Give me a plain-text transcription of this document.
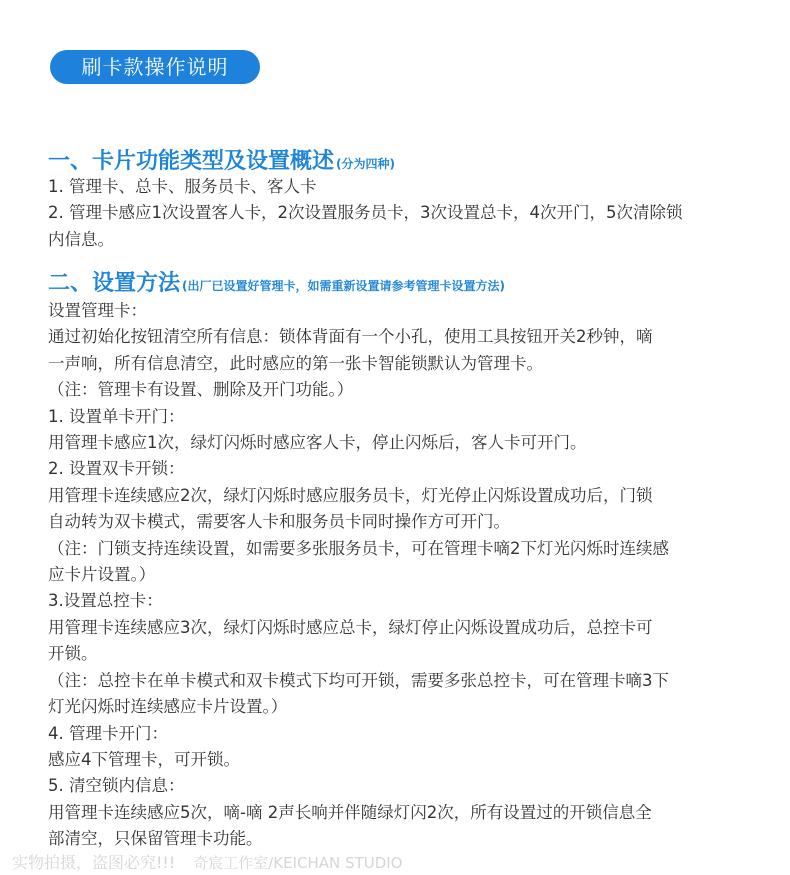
刷卡款操作说明
一、卡片功能类型及设置概述 (分为四种)
1. 管理卡、总卡、服务员卡、客人卡
2. 管理卡感应1次设置客人卡，2次设置服务员卡，3次设置总卡，4次开门，5次清除锁
内信息。
二、设置方法 (出厂已设置好管理卡，如需重新设置请参考管理卡设置方法)
设置管理卡：
通过初始化按钮清空所有信息：锁体背面有一个小孔，使用工具按钮开关2秒钟，嘀
一声响，所有信息清空，此时感应的第一张卡智能锁默认为管理卡。
（注：管理卡有设置、删除及开门功能。）
1. 设置单卡开门：
用管理卡感应1次，绿灯闪烁时感应客人卡，停止闪烁后，客人卡可开门。
2. 设置双卡开锁：
用管理卡连续感应2次，绿灯闪烁时感应服务员卡，灯光停止闪烁设置成功后，门锁
自动转为双卡模式，需要客人卡和服务员卡同时操作方可开门。
（注：门锁支持连续设置，如需要多张服务员卡，可在管理卡嘀2下灯光闪烁时连续感
应卡片设置。）
3.设置总控卡：
用管理卡连续感应3次，绿灯闪烁时感应总卡，绿灯停止闪烁设置成功后，总控卡可
开锁。
（注：总控卡在单卡模式和双卡模式下均可开锁，需要多张总控卡，可在管理卡嘀3下
灯光闪烁时连续感应卡片设置。）
4. 管理卡开门：
感应4下管理卡，可开锁。
5. 清空锁内信息：
用管理卡连续感应5次，嘀-嘀 2声长响并伴随绿灯闪2次，所有设置过的开锁信息全
部清空，只保留管理卡功能。
实物拍摄，盗图必究!!! 奇宸工作室/KEICHAN STUDIO
